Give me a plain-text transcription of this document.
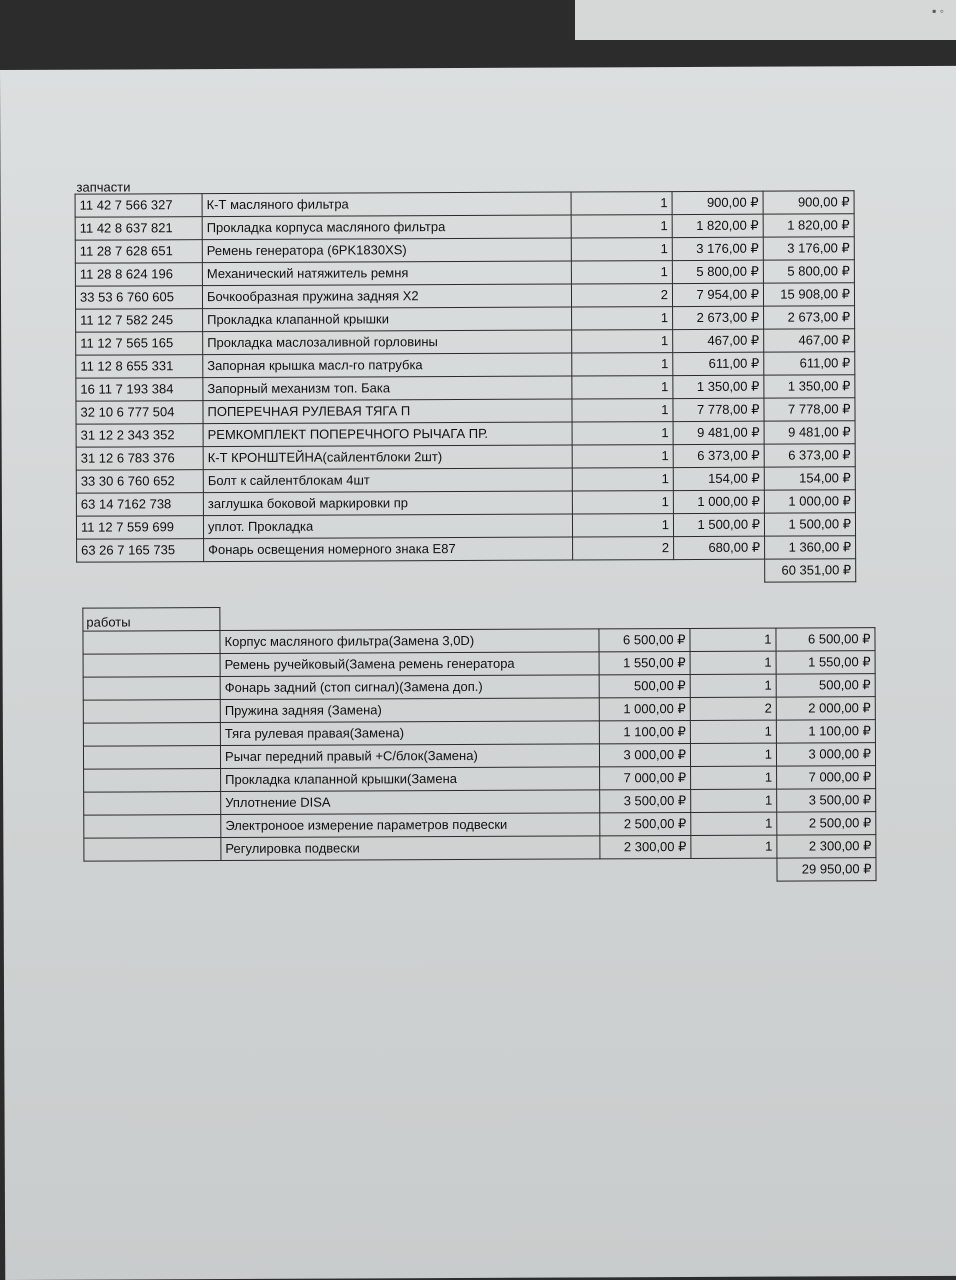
▪ ◦
запчасти
11 42 7 566 327	К-Т масляного фильтра	1	900,00 ₽	900,00 ₽
11 42 8 637 821	Прокладка корпуса масляного фильтра	1	1 820,00 ₽	1 820,00 ₽
11 28 7 628 651	Ремень генератора (6PK1830XS)	1	3 176,00 ₽	3 176,00 ₽
11 28 8 624 196	Механический натяжитель ремня	1	5 800,00 ₽	5 800,00 ₽
33 53 6 760 605	Бочкообразная пружина задняя X2	2	7 954,00 ₽	15 908,00 ₽
11 12 7 582 245	Прокладка клапанной крышки	1	2 673,00 ₽	2 673,00 ₽
11 12 7 565 165	Прокладка маслозаливной горловины	1	467,00 ₽	467,00 ₽
11 12 8 655 331	Запорная крышка масл-го патрубка	1	611,00 ₽	611,00 ₽
16 11 7 193 384	Запорный механизм топ. Бака	1	1 350,00 ₽	1 350,00 ₽
32 10 6 777 504	ПОПЕРЕЧНАЯ РУЛЕВАЯ ТЯГА П	1	7 778,00 ₽	7 778,00 ₽
31 12 2 343 352	РЕМКОМПЛЕКТ ПОПЕРЕЧНОГО РЫЧАГА ПР.	1	9 481,00 ₽	9 481,00 ₽
31 12 6 783 376	К-Т КРОНШТЕЙНА(сайлентблоки 2шт)	1	6 373,00 ₽	6 373,00 ₽
33 30 6 760 652	Болт к сайлентблокам 4шт	1	154,00 ₽	154,00 ₽
63 14 7162 738	заглушка боковой маркировки пр	1	1 000,00 ₽	1 000,00 ₽
11 12 7 559 699	уплот. Прокладка	1	1 500,00 ₽	1 500,00 ₽
63 26 7 165 735	Фонарь освещения номерного знака E87	2	680,00 ₽	1 360,00 ₽
				60 351,00 ₽
работы

	Корпус масляного фильтра(Замена 3,0D)	6 500,00 ₽	1	6 500,00 ₽
	Ремень ручейковый(Замена ремень генератора	1 550,00 ₽	1	1 550,00 ₽
	Фонарь задний (стоп сигнал)(Замена доп.)	500,00 ₽	1	500,00 ₽
	Пружина задняя (Замена)	1 000,00 ₽	2	2 000,00 ₽
	Тяга рулевая правая(Замена)	1 100,00 ₽	1	1 100,00 ₽
	Рычаг передний правый +С/блок(Замена)	3 000,00 ₽	1	3 000,00 ₽
	Прокладка клапанной крышки(Замена	7 000,00 ₽	1	7 000,00 ₽
	Уплотнение DISA	3 500,00 ₽	1	3 500,00 ₽
	Электроноое измерение параметров подвески	2 500,00 ₽	1	2 500,00 ₽
	Регулировка подвески	2 300,00 ₽	1	2 300,00 ₽
				29 950,00 ₽
